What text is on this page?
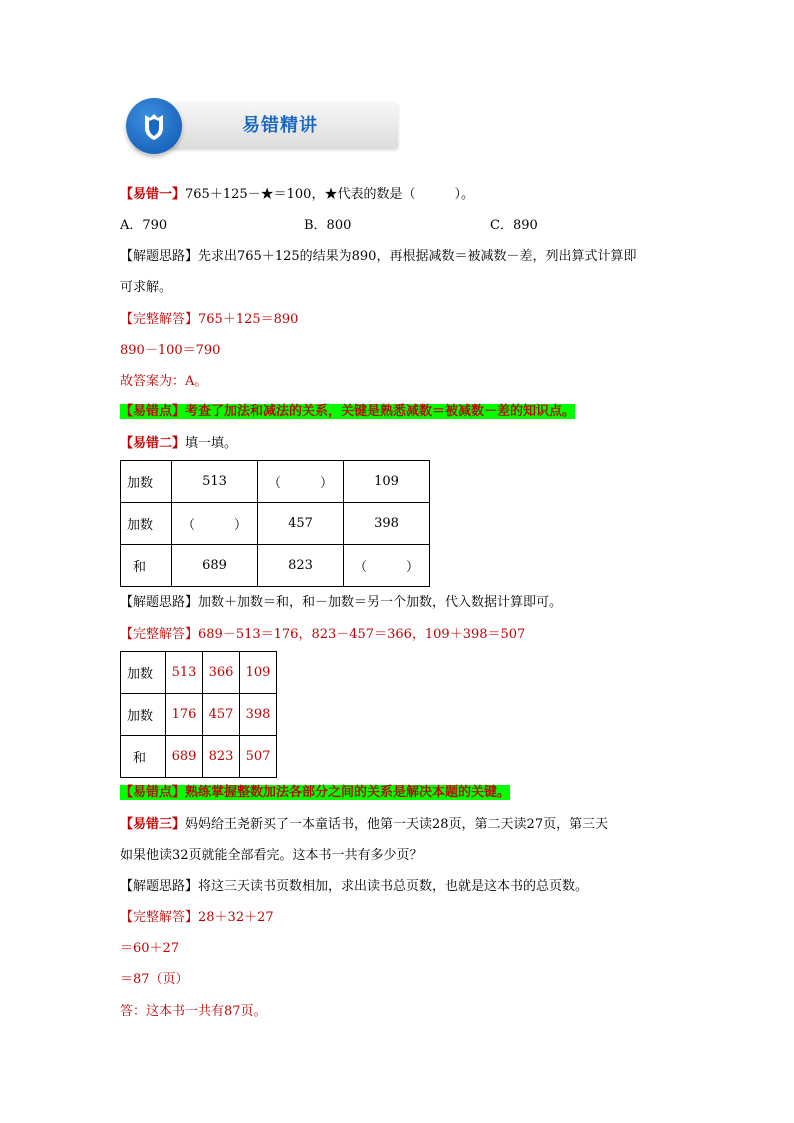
易错精讲
【易错一】765＋125－★＝100，★代表的数是（　　　）。
A．790	B．800	C．890
【解题思路】先求出765＋125的结果为890，再根据减数＝被减数－差，列出算式计算即
可求解。
【完整解答】765＋125＝890
890－100＝790
故答案为：A。
【易错点】考查了加法和减法的关系，关键是熟悉减数＝被减数－差的知识点。
【易错二】填一填。
加数	513	（　　　）	109
加数	（　　　）	457	398
和	689	823	（　　　）
【解题思路】加数＋加数＝和，和－加数＝另一个加数，代入数据计算即可。
【完整解答】689－513＝176，823－457＝366，109＋398＝507
加数	513	366	109
加数	176	457	398
和	689	823	507
【易错点】熟练掌握整数加法各部分之间的关系是解决本题的关键。
【易错三】妈妈给王尧新买了一本童话书，他第一天读28页，第二天读27页，第三天
如果他读32页就能全部看完。这本书一共有多少页？
【解题思路】将这三天读书页数相加，求出读书总页数，也就是这本书的总页数。
【完整解答】28＋32＋27
＝60＋27
＝87（页）
答：这本书一共有87页。
